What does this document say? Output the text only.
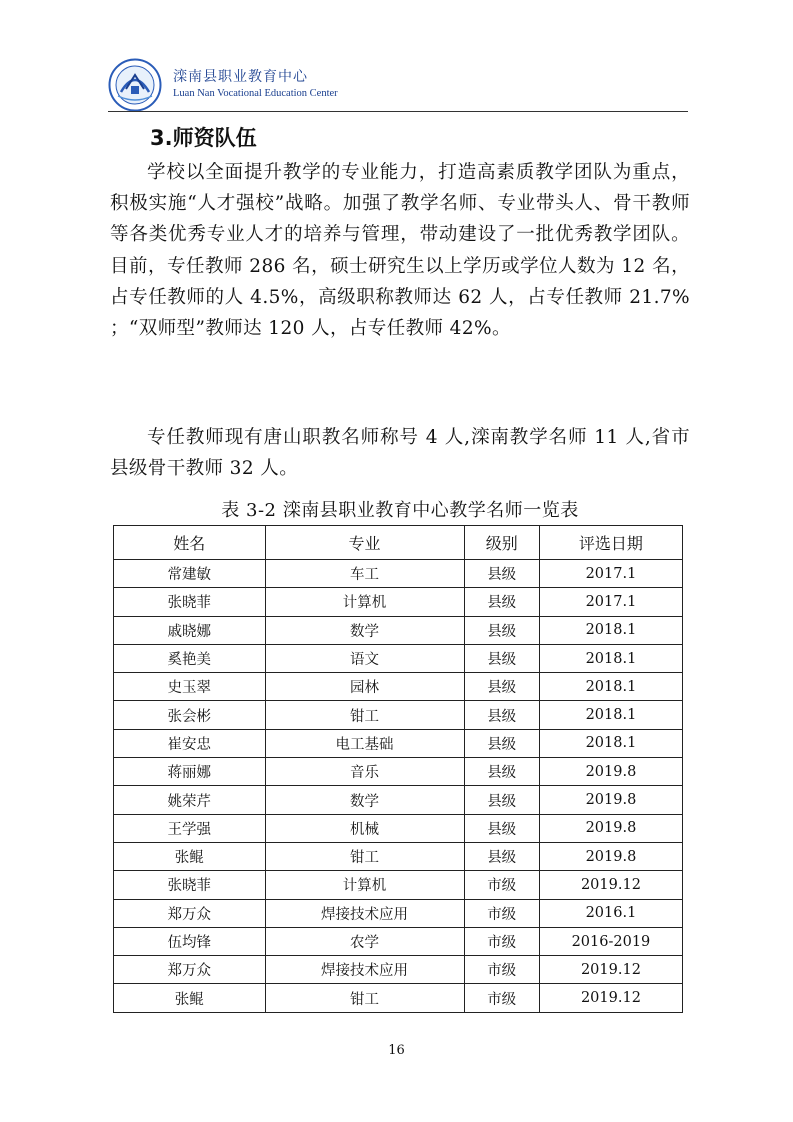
滦南县职业教育中心
Luan Nan Vocational Education Center
3.师资队伍
学校以全面提升教学的专业能力，打造高素质教学团队为重点，积极实施“人才强校”战略。加强了教学名师、专业带头人、骨干教师等各类优秀专业人才的培养与管理，带动建设了一批优秀教学团队。目前，专任教师 286 名，硕士研究生以上学历或学位人数为 12 名，占专任教师的人 4.5%，高级职称教师达 62 人，占专任教师 21.7% ；“双师型”教师达 120 人，占专任教师 42%。
专任教师现有唐山职教名师称号 4 人,滦南教学名师 11 人,省市县级骨干教师 32 人。
表 3-2 滦南县职业教育中心教学名师一览表
姓名	专业	级别	评选日期
常建敏	车工	县级	2017.1
张晓菲	计算机	县级	2017.1
戚晓娜	数学	县级	2018.1
奚艳美	语文	县级	2018.1
史玉翠	园林	县级	2018.1
张会彬	钳工	县级	2018.1
崔安忠	电工基础	县级	2018.1
蒋丽娜	音乐	县级	2019.8
姚荣芹	数学	县级	2019.8
王学强	机械	县级	2019.8
张鲲	钳工	县级	2019.8
张晓菲	计算机	市级	2019.12
郑万众	焊接技术应用	市级	2016.1
伍均锋	农学	市级	2016-2019
郑万众	焊接技术应用	市级	2019.12
张鲲	钳工	市级	2019.12
16
